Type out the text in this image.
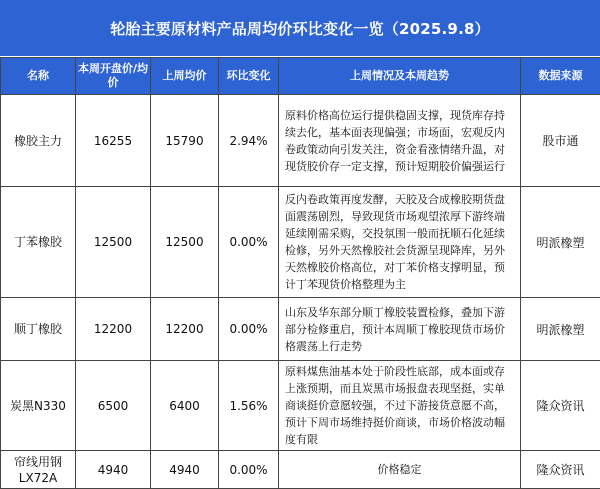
轮胎主要原材料产品周均价环比变化一览（2025.9.8）
名称	本周开盘价/均价	上周均价	环比变化	上周情况及本周趋势	数据来源
橡胶主力	16255	15790	2.94%	原料价格高位运行提供稳固支撑，现货库存持续去化，基本面表现偏强；市场面，宏观反内卷政策动向引发关注，资金看涨情绪升温，对现货胶价存一定支撑，预计短期胶价偏强运行	股市通
丁苯橡胶	12500	12500	0.00%	反内卷政策再度发酵，天胶及合成橡胶期货盘面震荡剧烈，导致现货市场观望浓厚下游终端延续刚需采购，交投氛围一般而抚顺石化延续检修，另外天然橡胶社会货源呈现降库，另外天然橡胶价格高位，对丁苯价格支撑明显，预计丁苯现货价格整理为主	明派橡塑
顺丁橡胶	12200	12200	0.00%	山东及华东部分顺丁橡胶装置检修，叠加下游部分检修重启，预计本周顺丁橡胶现货市场价格震荡上行走势	明派橡塑
炭黑N330	6500	6400	1.56%	原料煤焦油基本处于阶段性底部，成本面或存上涨预期，而且炭黑市场报盘表现坚挺，实单商谈挺价意愿较强，不过下游接货意愿不高，预计下周市场维持挺价商谈，市场价格波动幅度有限	隆众资讯
帘线用钢LX72A	4940	4940	0.00%	价格稳定	隆众资讯
